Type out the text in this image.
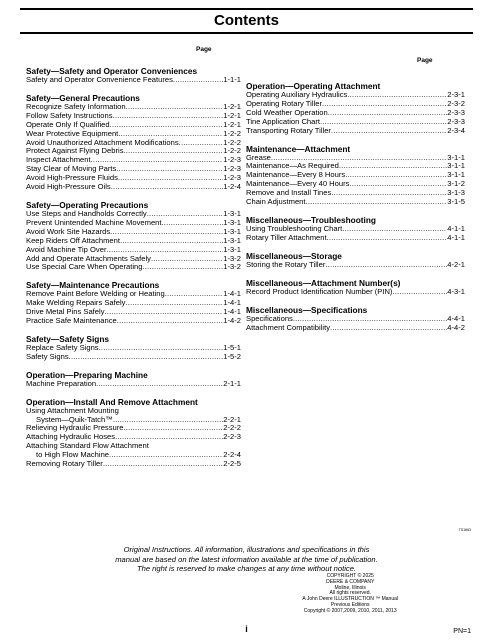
Contents
Page
Page
Safety—Safety and Operator Conveniences
Safety and Operator Convenience Features .....	1-1-1
Safety—General Precautions
Recognize Safety Information .....	1-2-1
Follow Safety Instructions .....	1-2-1
Operate Only If Qualified .....	1-2-1
Wear Protective Equipment .....	1-2-2
Avoid Unauthorized Attachment Modifications .....	1-2-2
Protect Against Flying Debris .....	1-2-2
Inspect Attachment .....	1-2-3
Stay Clear of Moving Parts .....	1-2-3
Avoid High-Pressure Fluids .....	1-2-3
Avoid High-Pressure Oils .....	1-2-4
Safety—Operating Precautions
Use Steps and Handholds Correctly .....	1-3-1
Prevent Unintended Machine Movement .....	1-3-1
Avoid Work Site Hazards .....	1-3-1
Keep Riders Off Attachment .....	1-3-1
Avoid Machine Tip Over .....	1-3-1
Add and Operate Attachments Safely .....	1-3-2
Use Special Care When Operating .....	1-3-2
Safety—Maintenance Precautions
Remove Paint Before Welding or Heating .....	1-4-1
Make Welding Repairs Safely .....	1-4-1
Drive Metal Pins Safely .....	1-4-1
Practice Safe Maintenance .....	1-4-2
Safety—Safety Signs
Replace Safety Signs .....	1-5-1
Safety Signs .....	1-5-2
Operation—Preparing Machine
Machine Preparation .....	2-1-1
Operation—Install And Remove Attachment
Using Attachment Mounting
System—Quik-Tatch™ .....	2-2-1
Relieving Hydraulic Pressure .....	2-2-2
Attaching Hydraulic Hoses .....	2-2-3
Attaching Standard Flow Attachment
to High Flow Machine .....	2-2-4
Removing Rotary Tiller .....	2-2-5
Operation—Operating Attachment
Operating Auxiliary Hydraulics .....	2-3-1
Operating Rotary Tiller .....	2-3-2
Cold Weather Operation .....	2-3-3
Tine Application Chart .....	2-3-3
Transporting Rotary Tiller .....	2-3-4
Maintenance—Attachment
Grease .....	3-1-1
Maintenance—As Required .....	3-1-1
Maintenance—Every 8 Hours .....	3-1-1
Maintenance—Every 40 Hours .....	3-1-2
Remove and Install Tines .....	3-1-3
Chain Adjustment .....	3-1-5
Miscellaneous—Troubleshooting
Using Troubleshooting Chart .....	4-1-1
Rotary Tiller Attachment .....	4-1-1
Miscellaneous—Storage
Storing the Rotary Tiller .....	4-2-1
Miscellaneous—Attachment Number(s)
Record Product Identification Number (PIN) .....	4-3-1
Miscellaneous—Specifications
Specifications .....	4-4-1
Attachment Compatibility .....	4-4-2
TS1663
Original Instructions. All information, illustrations and specifications in this
manual are based on the latest information available at the time of publication.
The right is reserved to make changes at any time without notice.
COPYRIGHT © 2025
DEERE & COMPANY
Moline, Illinois
All rights reserved.
A John Deere ILLUSTRUCTION ™ Manual
Previous Editions
Copyright © 2007,2009, 2010, 2011, 2013
i	PN=1
